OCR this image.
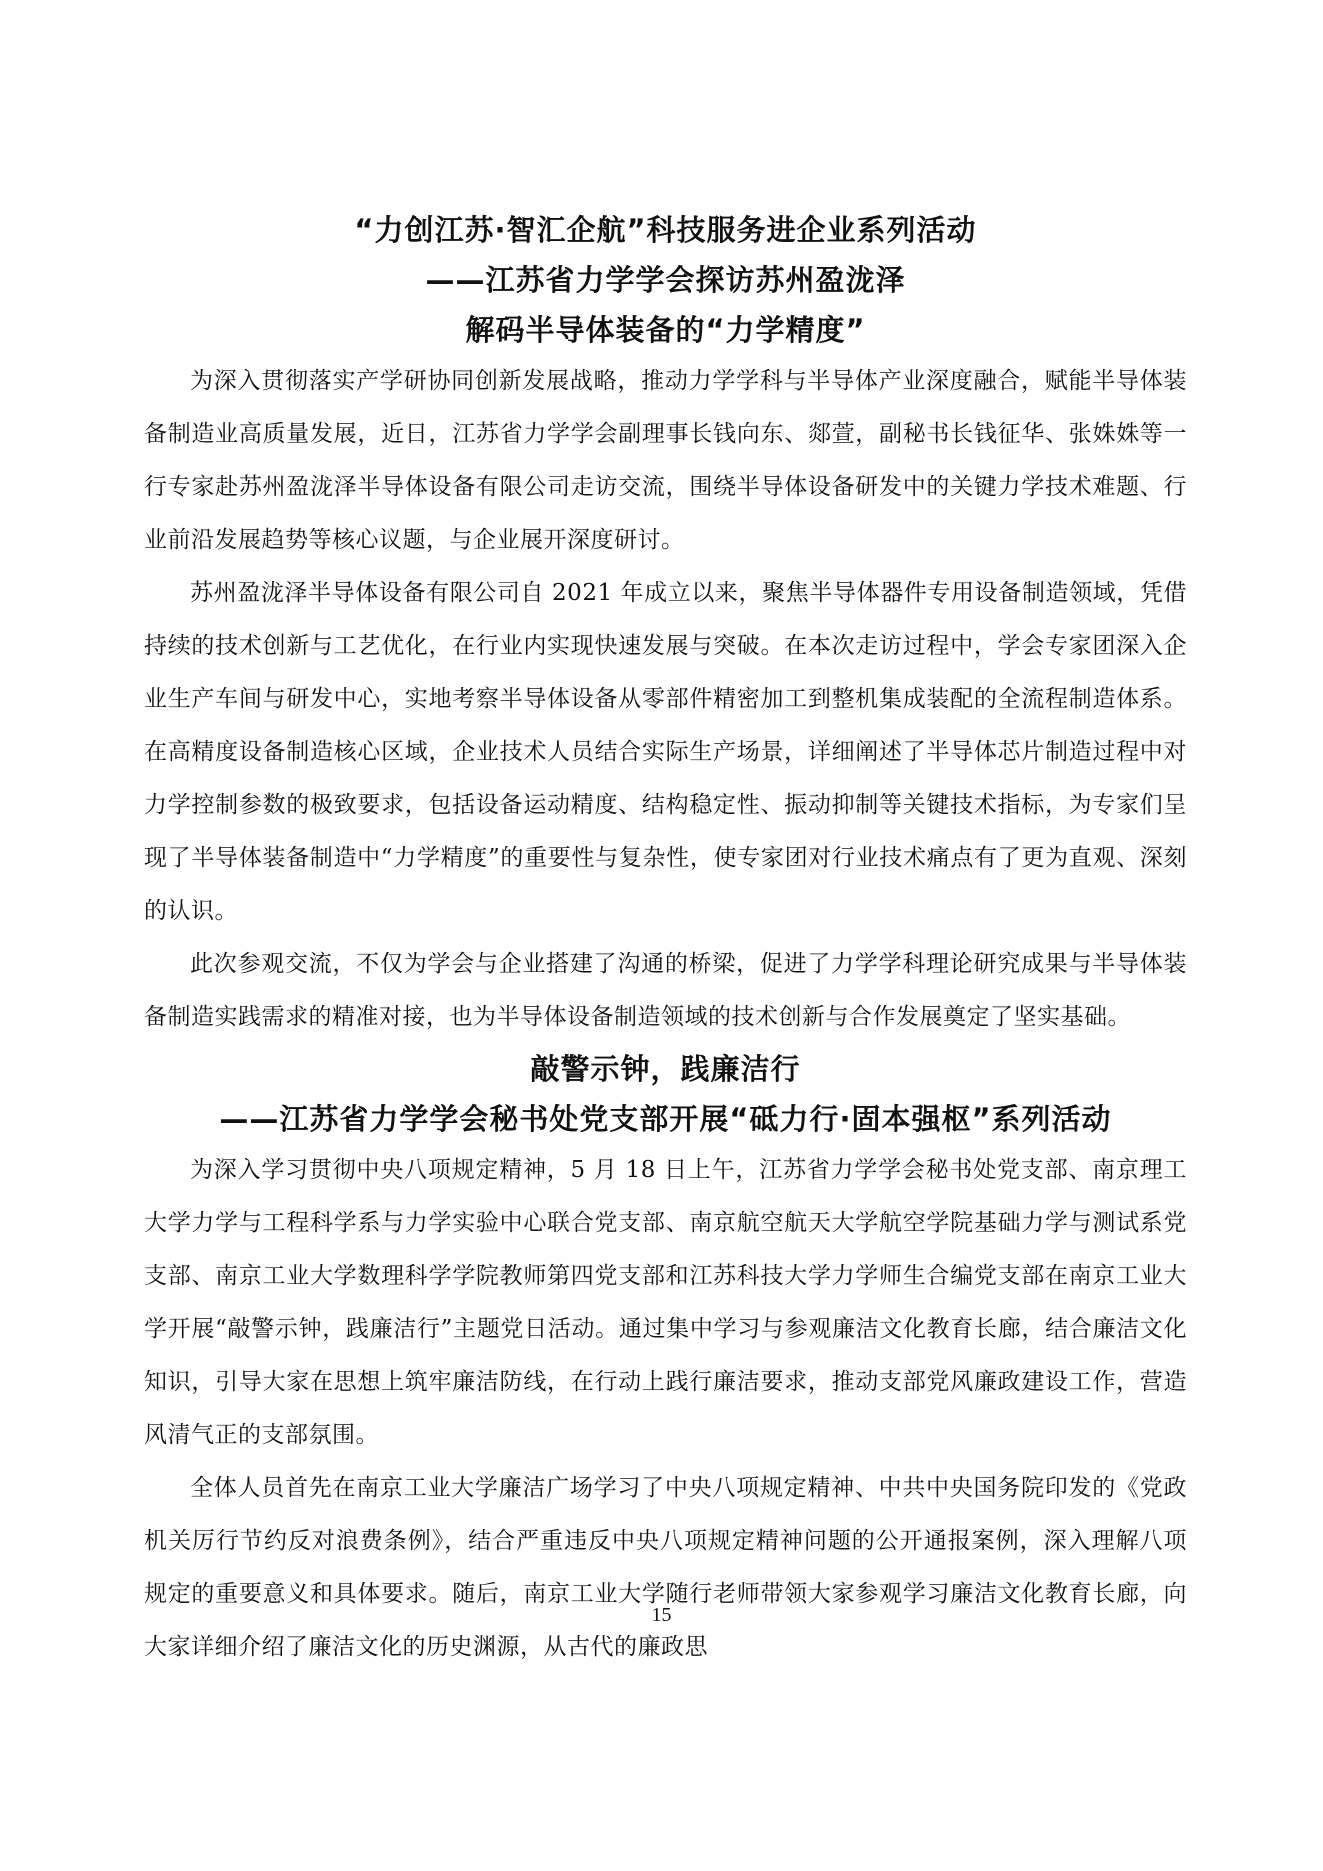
“力创江苏·智汇企航”科技服务进企业系列活动
——江苏省力学学会探访苏州盈泷泽
解码半导体装备的“力学精度”

为深入贯彻落实产学研协同创新发展战略，推动力学学科与半导体产业深度融合，赋能半导体装备制造业高质量发展，近日，江苏省力学学会副理事长钱向东、郯萱，副秘书长钱征华、张姝姝等一行专家赴苏州盈泷泽半导体设备有限公司走访交流，围绕半导体设备研发中的关键力学技术难题、行业前沿发展趋势等核心议题，与企业展开深度研讨。

苏州盈泷泽半导体设备有限公司自 2021 年成立以来，聚焦半导体器件专用设备制造领域，凭借持续的技术创新与工艺优化，在行业内实现快速发展与突破。在本次走访过程中，学会专家团深入企业生产车间与研发中心，实地考察半导体设备从零部件精密加工到整机集成装配的全流程制造体系。在高精度设备制造核心区域，企业技术人员结合实际生产场景，详细阐述了半导体芯片制造过程中对力学控制参数的极致要求，包括设备运动精度、结构稳定性、振动抑制等关键技术指标，为专家们呈现了半导体装备制造中“力学精度”的重要性与复杂性，使专家团对行业技术痛点有了更为直观、深刻的认识。

此次参观交流，不仅为学会与企业搭建了沟通的桥梁，促进了力学学科理论研究成果与半导体装备制造实践需求的精准对接，也为半导体设备制造领域的技术创新与合作发展奠定了坚实基础。

敲警示钟，践廉洁行
——江苏省力学学会秘书处党支部开展“砥力行·固本强枢”系列活动

为深入学习贯彻中央八项规定精神，5 月 18 日上午，江苏省力学学会秘书处党支部、南京理工大学力学与工程科学系与力学实验中心联合党支部、南京航空航天大学航空学院基础力学与测试系党支部、南京工业大学数理科学学院教师第四党支部和江苏科技大学力学师生合编党支部在南京工业大学开展“敲警示钟，践廉洁行”主题党日活动。通过集中学习与参观廉洁文化教育长廊，结合廉洁文化知识，引导大家在思想上筑牢廉洁防线，在行动上践行廉洁要求，推动支部党风廉政建设工作，营造风清气正的支部氛围。

全体人员首先在南京工业大学廉洁广场学习了中央八项规定精神、中共中央国务院印发的《党政机关厉行节约反对浪费条例》，结合严重违反中央八项规定精神问题的公开通报案例，深入理解八项规定的重要意义和具体要求。随后，南京工业大学随行老师带领大家参观学习廉洁文化教育长廊，向大家详细介绍了廉洁文化的历史渊源，从古代的廉政思

15
